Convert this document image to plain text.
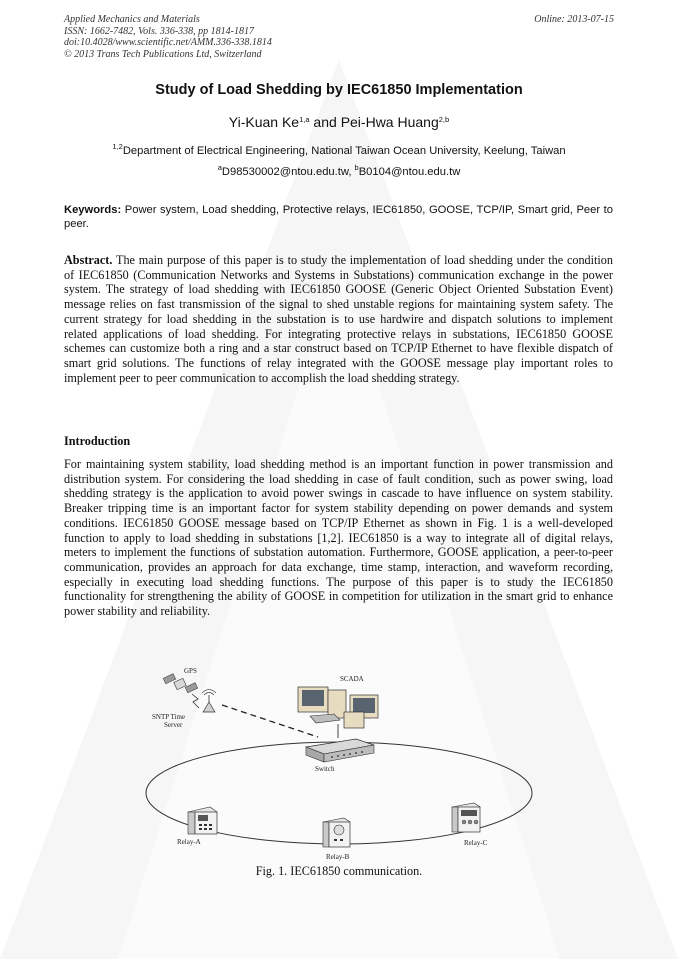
Applied Mechanics and Materials
ISSN: 1662-7482, Vols. 336-338, pp 1814-1817
doi:10.4028/www.scientific.net/AMM.336-338.1814
© 2013 Trans Tech Publications Ltd, Switzerland
Online: 2013-07-15
Study of Load Shedding by IEC61850 Implementation
Yi-Kuan Ke$^{1,a}$ and Pei-Hwa Huang$^{2,b}$
$^{1,2}$Department of Electrical Engineering, National Taiwan Ocean University, Keelung, Taiwan
$^a$D98530002@ntou.edu.tw, $^b$B0104@ntou.edu.tw
Keywords: Power system, Load shedding, Protective relays, IEC61850, GOOSE, TCP/IP, Smart grid, Peer to peer.
Abstract. The main purpose of this paper is to study the implementation of load shedding under the condition of IEC61850 (Communication Networks and Systems in Substations) communication exchange in the power system. The strategy of load shedding with IEC61850 GOOSE (Generic Object Oriented Substation Event) message relies on fast transmission of the signal to shed unstable regions for maintaining system safety. The current strategy for load shedding in the substation is to use hardwire and dispatch solutions to implement related applications of load shedding. For integrating protective relays in substations, IEC61850 GOOSE schemes can customize both a ring and a star construct based on TCP/IP Ethernet to have flexible dispatch of smart grid solutions. The functions of relay integrated with the GOOSE message play important roles to implement peer to peer communication to accomplish the load shedding strategy.
Introduction
For maintaining system stability, load shedding method is an important function in power transmission and distribution system. For considering the load shedding in case of fault condition, such as power swing, load shedding strategy is the application to avoid power swings in cascade to have influence on system stability. Breaker tripping time is an important factor for system stability depending on power demands and system conditions. IEC61850 GOOSE message based on TCP/IP Ethernet as shown in Fig. 1 is a well-developed function to apply to load shedding in substations [1,2]. IEC61850 is a way to integrate all of digital relays, meters to implement the functions of substation automation. Furthermore, GOOSE application, a peer-to-peer communication, provides an approach for data exchange, time stamp, interaction, and waveform recording, especially in executing load shedding functions. The purpose of this paper is to study the IEC61850 functionality for strengthening the ability of GOOSE in competition for utilization in the smart grid to enhance power stability and reliability.
GPS
SNTP Time
Server
SCADA
Switch
Relay-A
Relay-B
Relay-C
Fig. 1. IEC61850 communication.
